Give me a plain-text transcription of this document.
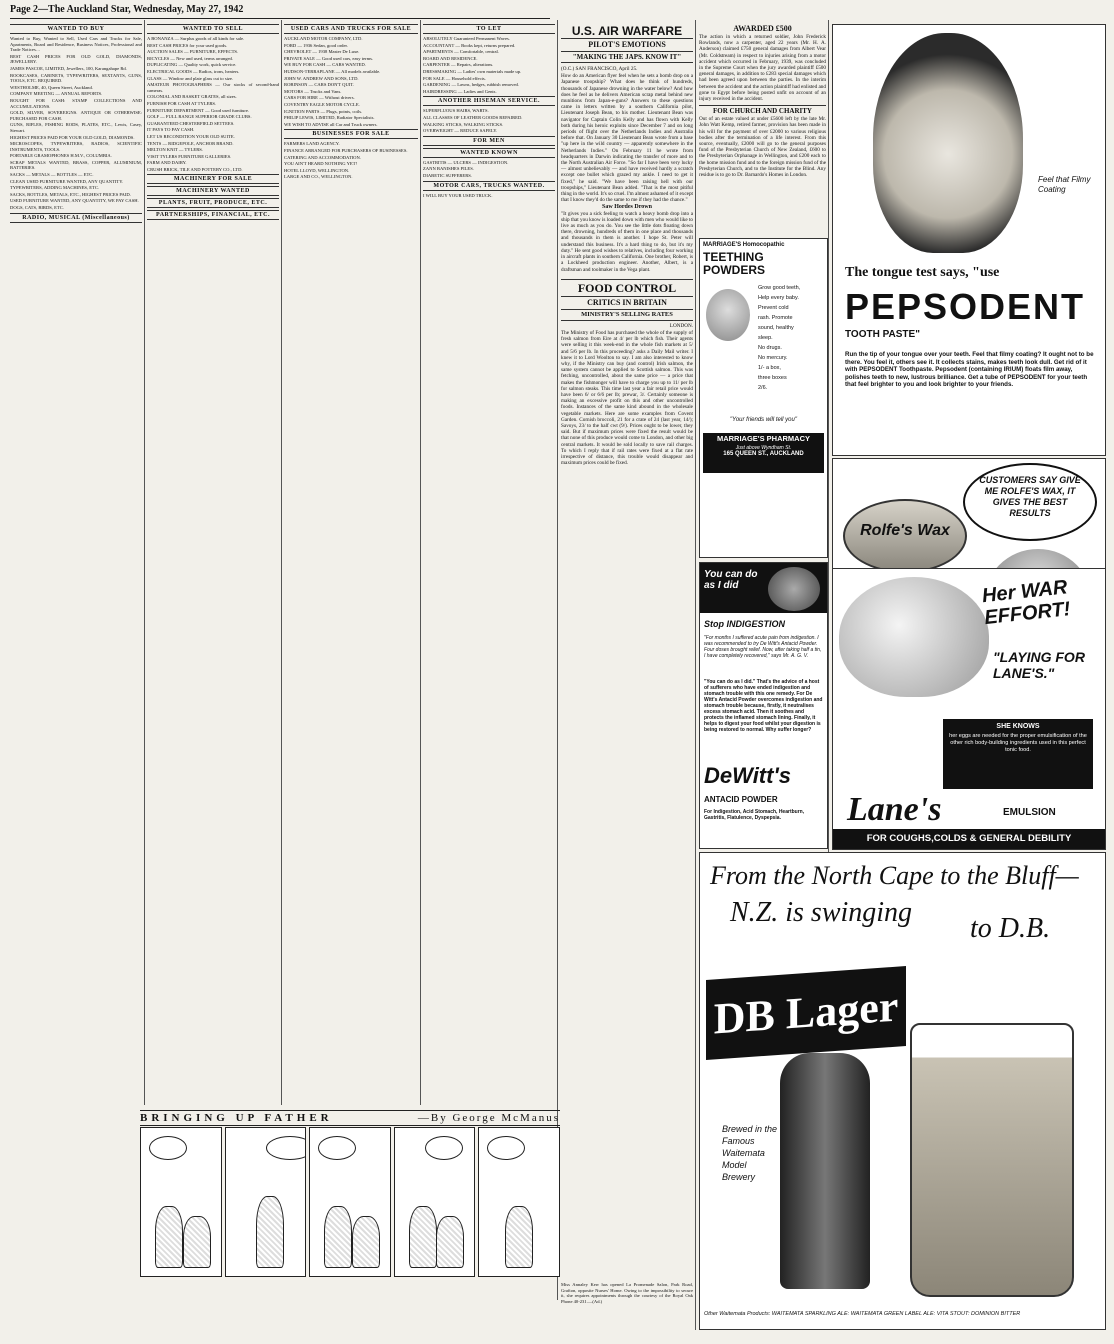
Page 2—The Auckland Star, Wednesday, May 27, 1942
WANTED TO BUY

Wanted to Buy, Wanted to Sell, Used Cars and Trucks for Sale, Apartments, Board and Residence, Business Notices, Professional and Trade Notices…

BEST CASH PRICES FOR OLD GOLD, DIAMONDS, JEWELLERY.

JAMES PASCOE, LIMITED, Jewellers, 100, Karangahape Rd.

BOOKCASES, CABINETS, TYPEWRITERS, SEXTANTS, GUNS, TOOLS, ETC. REQUIRED.

WESTHOLME, 40, Queen Street, Auckland.

COMPANY MEETING — ANNUAL REPORTS.

BOUGHT FOR CASH: STAMP COLLECTIONS AND ACCUMULATIONS.

GOLD, SILVER, SOVEREIGNS. ANTIQUE OR OTHERWISE: PURCHASED FOR CASH.

GUNS, RIFLES, FISHING RODS, PLATES, ETC., Lewis, Casey, Stewart.

HIGHEST PRICES PAID FOR YOUR OLD GOLD, DIAMONDS.

MICROSCOPES, TYPEWRITERS, RADIOS, SCIENTIFIC INSTRUMENTS, TOOLS.

PORTABLE GRAMOPHONES H.M.V., COLUMBIA.

SCRAP METALS WANTED, BRASS, COPPER, ALUMINIUM, BATTERIES.

SACKS — METALS — BOTTLES — ETC.

CLEAN USED FURNITURE WANTED, ANY QUANTITY.

TYPEWRITERS, ADDING MACHINES, ETC.

SACKS, BOTTLES, METALS, ETC., HIGHEST PRICES PAID.

USED FURNITURE WANTED, ANY QUANTITY, WE PAY CASH.

DOGS, CATS, BIRDS, ETC.

RADIO, MUSICAL (Miscellaneous)
WANTED TO SELL

A BONANZA — Surplus goods of all kinds for sale.

BEST CASH PRICES for your used goods.

AUCTION SALES — FURNITURE, EFFECTS.

BICYCLES — New and used, terms arranged.

DUPLICATING — Quality work, quick service.

ELECTRICAL GOODS — Radios, irons, heaters.

GLASS — Window and plate glass cut to size.

AMATEUR PHOTOGRAPHERS — Our stocks of second-hand cameras.

COLONIAL AND BASKET GRATES, all sizes.

FURNISH FOR CASH AT TYLERS.

FURNITURE DEPARTMENT — Good used furniture.

GOLF — FULL RANGE SUPERIOR GRADE CLUBS.

GUARANTEED CHESTERFIELD SETTEES.

IT PAYS TO PAY CASH.

LET US RECONDITION YOUR OLD SUITE.

TENTS — RIDGEPOLE, ANCHOR BRAND.

MELTON KNIT — TYLERS.

VISIT TYLERS FURNITURE GALLERIES.

FARM AND DAIRY.

CRUSH BRICK, TILE AND POTTERY CO., LTD.

MACHINERY FOR SALE
MACHINERY WANTED
PLANTS, FRUIT, PRODUCE, ETC.
PARTNERSHIPS, FINANCIAL, ETC.
USED CARS AND TRUCKS FOR SALE

AUCKLAND MOTOR COMPANY, LTD.

FORD — 1936 Sedan, good order.

CHEVROLET — 1938 Master De Luxe.

PRIVATE SALE — Good used cars, easy terms.

WE BUY FOR CASH — CARS WANTED.

HUDSON-TERRAPLANE — All models available.

JOHN W. ANDREW AND SONS, LTD.

ROBINSON — CARS DON'T QUIT.

MOTORS — Trucks and Vans.

CARS FOR HIRE — Without drivers.

COVENTRY EAGLE MOTOR CYCLE.

IGNITION PARTS — Plugs, points, coils.

PHILIP LEWIS, LIMITED, Radiator Specialists.

WE WISH TO ADVISE all Car and Truck owners.

BUSINESSES FOR SALE

FARMERS LAND AGENCY.

FINANCE ARRANGED FOR PURCHASERS OF BUSINESSES.

CATERING AND ACCOMMODATION.

YOU AIN'T HEARD NOTHING YET!

HOTEL LLOYD, WELLINGTON.

LARGE AND CO., WELLINGTON.

TO LET

ABSOLUTELY Guaranteed Permanent Waves.

ACCOUNTANT — Books kept, returns prepared.

APARTMENTS — Comfortable, central.

BOARD AND RESIDENCE.

CARPENTER — Repairs, alterations.

DRESSMAKING — Ladies' own materials made up.

FOR SALE — Household effects.

GARDENING — Lawns, hedges, rubbish removed.

HAIRDRESSING — Ladies and Gents.

ANOTHER HISEMAN SERVICE.

SUPERFLUOUS HAIRS, WARTS.

ALL CLASSES OF LEATHER GOODS REPAIRED.

WALKING STICKS, WALKING STICKS.

OVERWEIGHT — REDUCE SAFELY.

FOR MEN
WANTED KNOWN

GASTRITIS — ULCERS — INDIGESTION.

ZANN BANISHES PILES.

DIABETIC SUFFERERS.

MOTOR CARS, TRUCKS WANTED.

I WILL BUY YOUR USED TRUCK.

BRINGING UP FATHER	—By George McManus
U.S. AIR WARFARE
PILOT'S EMOTIONS
"MAKING THE JAPS. KNOW IT"

(O.C.) SAN FRANCISCO, April 25.

How do an American flyer feel when he sets a bomb drop on a Japanese troopship? What does he think of hundreds, thousands of Japanese drowning in the water below? And how does he feel as he delivers American scrap metal behind new munitions from Japan-e-guns? Answers to these questions came in letters written by a southern California pilot, Lieutenant Joseph Bean, to his mother. Lieutenant Bean was navigator for Captain Colin Kelly and has flown with Kelly both during his heroic exploits since December 7 and on long periods of flight over the Netherlands Indies and Australia before that. On January 30 Lieutenant Bean wrote from a base "up here in the wild country — apparently somewhere in the Netherlands Indies." On February 11 he wrote from headquarters in Darwin indicating the transfer of more and to the North Australian Air Force. "So far I have been very lucky — almost unbelievably — and have received hardly a scratch except one bullet which grazed my ankle. I need to get it fixed," he said. "We have been raising hell with our troopships," Lieutenant Bean added. "That is the most pitiful thing in the world. It's so cruel. I'm almost ashamed of it except that I know they'd do the same to me if they had the chance."

Saw Hordes Drown

"It gives you a sick feeling to watch a heavy bomb drop into a ship that you know is loaded down with men who would like to live as much as you do. You see the little dots floating down there, drowning, hundreds of them in one place and thousands and thousands in them is another. I hope St. Peter will understand this business. It's a hard thing to do, but it's my duty." He sent good wishes to relatives, including four working in aircraft plants in southern California. One brother, Robert, is a Lockheed production engineer. Another, Albert, is a draftsman and toolmaker in the Vega plant.

FOOD CONTROL
CRITICS IN BRITAIN
MINISTRY'S SELLING RATES

LONDON.

The Ministry of Food has purchased the whole of the supply of fresh salmon from Eire at 4/ per lb which fish. Their agents were selling it this week-end in the whole fish markets at 5/ and 5/6 per lb. In this proceeding? asks a Daily Mail writer. I knew it to Lord Woolton to say. I am also interested to know why, if the Ministry can buy (and control) Irish salmon, the same system cannot be applied to Scottish salmon. This was fetching, uncontrolled, about the same price — a price that makes the fishmonger will have to charge you up to 11/ per lb for salmon steaks. This time last year a fair retail price would have been 6/ or 6/6 per lb; prewar, 3/. Certainly someone is making an excessive profit on this and other uncontrolled foods. Instances of the same kind abound in the wholesale vegetable markets. Here are some examples from Covent Garden. Cornish broccoli, 21 for a crate of 24 (last year, 14/); Savoys, 23/ to the half cwt (9/). Prices ought to be lower, they said. But if maximum prices were fixed the result would be that none of this produce would come to London, and other big central markets. It would be sold locally to save rail charges. To which I reply that if rail rates were fixed at a flat rate irrespective of distance, this trouble would disappear and maximum prices could be fixed.

AWARDED £500

The action in which a returned soldier, John Frederick Rowlands, now a carpenter, aged 22 years (Mr. H. A. Anderson) claimed £750 general damages from Albert Vear (Mr. Coldstream) in respect to injuries arising from a motor accident which occurred in February, 1939, was concluded in the Supreme Court when the jury awarded plaintiff £500 general damages, in addition to £283 special damages which had been agreed upon between the parties. In the interim between the accident and the action plaintiff had enlisted and gone to Egypt before being posted unfit on account of an injury received in the accident.

FOR CHURCH AND CHARITY

Out of an estate valued at under £5600 left by the late Mr. John Watt Kemp, retired farmer, provision has been made in his will for the payment of over £2000 to various religious bodies after the termination of a life interest. From this source, eventually, £2000 will go to the general purposes fund of the Presbyterian Church of New Zealand, £600 to the Presbyterian Orphanage in Wellington, and £200 each to the home mission fund and to the foreign mission fund of the Presbyterian Church, and to the Institute for the Blind. Any residue is to go to Dr. Barnardo's Homes in London.

MARRIAGE'S Homocopathic
TEETHING POWDERS
Grow good teeth,
Help every baby.
Prevent cold
rash. Promote
sound, healthy
sleep.
No drugs.
No mercury.
1/- a box,
three boxes
2/6.
"Your friends will tell you"
MARRIAGE'S PHARMACY
Just above Wyndham St.
165 QUEEN ST., AUCKLAND
You can do as I did
Stop INDIGESTION
"For months I suffered acute pain from indigestion. I was recommended to try De Witt's Antacid Powder. Four doses brought relief. Now, after taking half a tin, I have completely recovered," says Mr. A. G. V.
"You can do as I did." That's the advice of a host of sufferers who have ended indigestion and stomach trouble with this one remedy. For De Witt's Antacid Powder overcomes indigestion and stomach trouble because, firstly, it neutralises excess stomach acid. Then it soothes and protects the inflamed stomach lining. Finally, it helps to digest your food whilst your digestion is being restored to normal. Why suffer longer?
DeWitt's
ANTACID POWDER
For Indigestion, Acid Stomach, Heartburn, Gastritis, Flatulence, Dyspepsia.
Feel that Filmy Coating
The tongue test says, "use
PEPSODENT
TOOTH PASTE"
Run the tip of your tongue over your teeth. Feel that filmy coating? It ought not to be there. You feel it, others see it. It collects stains, makes teeth look dull. Get rid of it with PEPSODENT Toothpaste. Pepsodent (containing IRIUM) floats film away, polishes teeth to new, lustrous brilliance. Get a tube of PEPSODENT for your teeth that feel brighter to you and look brighter to your friends.
CUSTOMERS SAY GIVE ME ROLFE'S WAX, IT GIVES THE BEST RESULTS
Rolfe's Wax
Her WAR EFFORT!
"LAYING FOR LANE'S."
SHE KNOWS
her eggs are needed for the proper emulsification of the other rich body-building ingredients used in this perfect tonic food.
Lane's	EMULSION
FOR COUGHS,COLDS & GENERAL DEBILITY
From the North Cape to the Bluff—
N.Z. is swinging
to D.B.
DB Lager
Brewed in the Famous Waitemata Model Brewery
Other Waitemata Products: WAITEMATA SPARKLING ALE: WAITEMATA GREEN LABEL ALE: VITA STOUT: DOMINION BITTER

Miss Annaley Kerr has opened La Promenade Salon, Park Road, Grafton, opposite Nurses' Home. Owing to the impossibility to secure it, she requires appointments through the courtesy of the Royal Oak Phone 40-231.—(Ad.)
